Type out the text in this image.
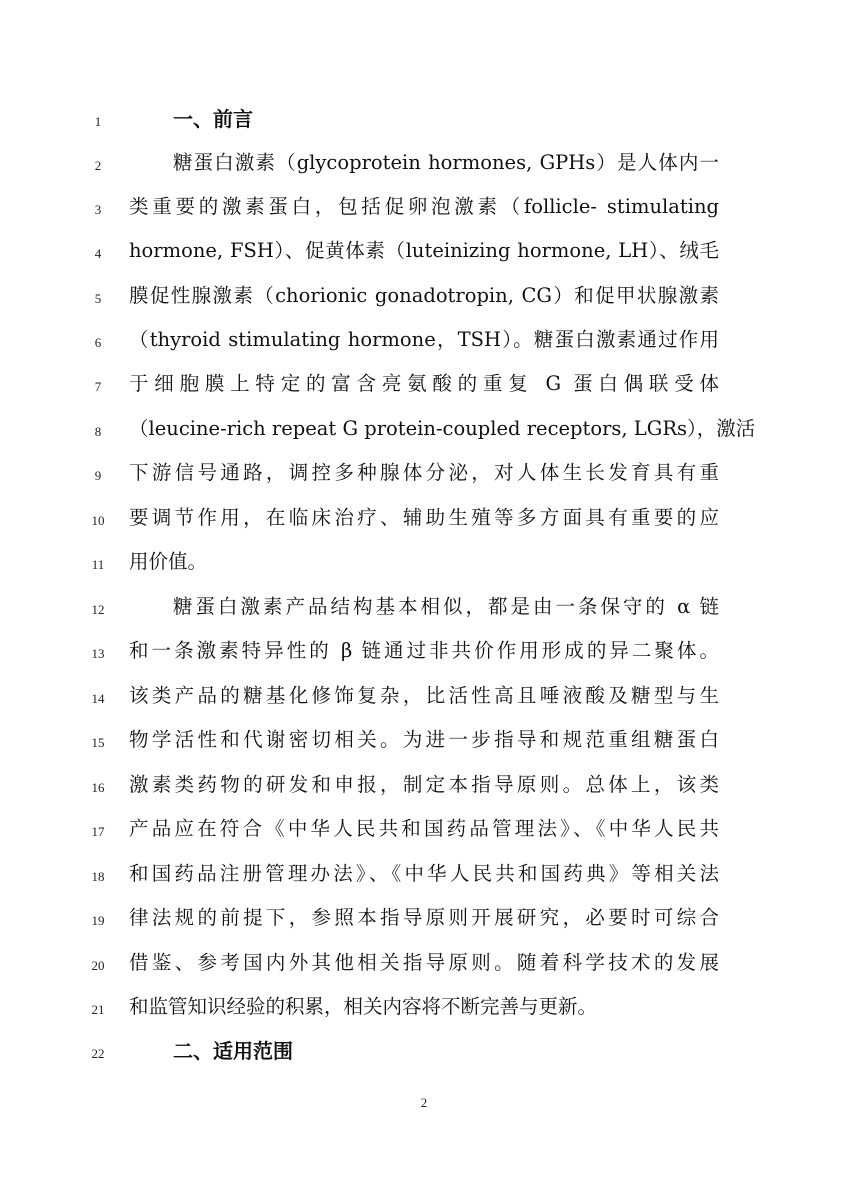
1	一、前言
2	糖蛋白激素（glycoprotein hormones, GPHs）是人体内一
3	类重要的激素蛋白，包括促卵泡激素（follicle- stimulating
4	hormone, FSH）、促黄体素（luteinizing hormone, LH）、绒毛
5	膜促性腺激素（chorionic gonadotropin, CG）和促甲状腺激素
6	（thyroid stimulating hormone，TSH）。糖蛋白激素通过作用
7	于细胞膜上特定的富含亮氨酸的重复 G 蛋白偶联受体
8	（leucine-rich repeat G protein-coupled receptors, LGRs），激活
9	下游信号通路，调控多种腺体分泌，对人体生长发育具有重
10	要调节作用，在临床治疗、辅助生殖等多方面具有重要的应
11	用价值。
12	糖蛋白激素产品结构基本相似，都是由一条保守的 α 链
13	和一条激素特异性的 β 链通过非共价作用形成的异二聚体。
14	该类产品的糖基化修饰复杂，比活性高且唾液酸及糖型与生
15	物学活性和代谢密切相关。为进一步指导和规范重组糖蛋白
16	激素类药物的研发和申报，制定本指导原则。总体上，该类
17	产品应在符合《中华人民共和国药品管理法》、《中华人民共
18	和国药品注册管理办法》、《中华人民共和国药典》等相关法
19	律法规的前提下，参照本指导原则开展研究，必要时可综合
20	借鉴、参考国内外其他相关指导原则。随着科学技术的发展
21	和监管知识经验的积累，相关内容将不断完善与更新。
22	二、适用范围
2
